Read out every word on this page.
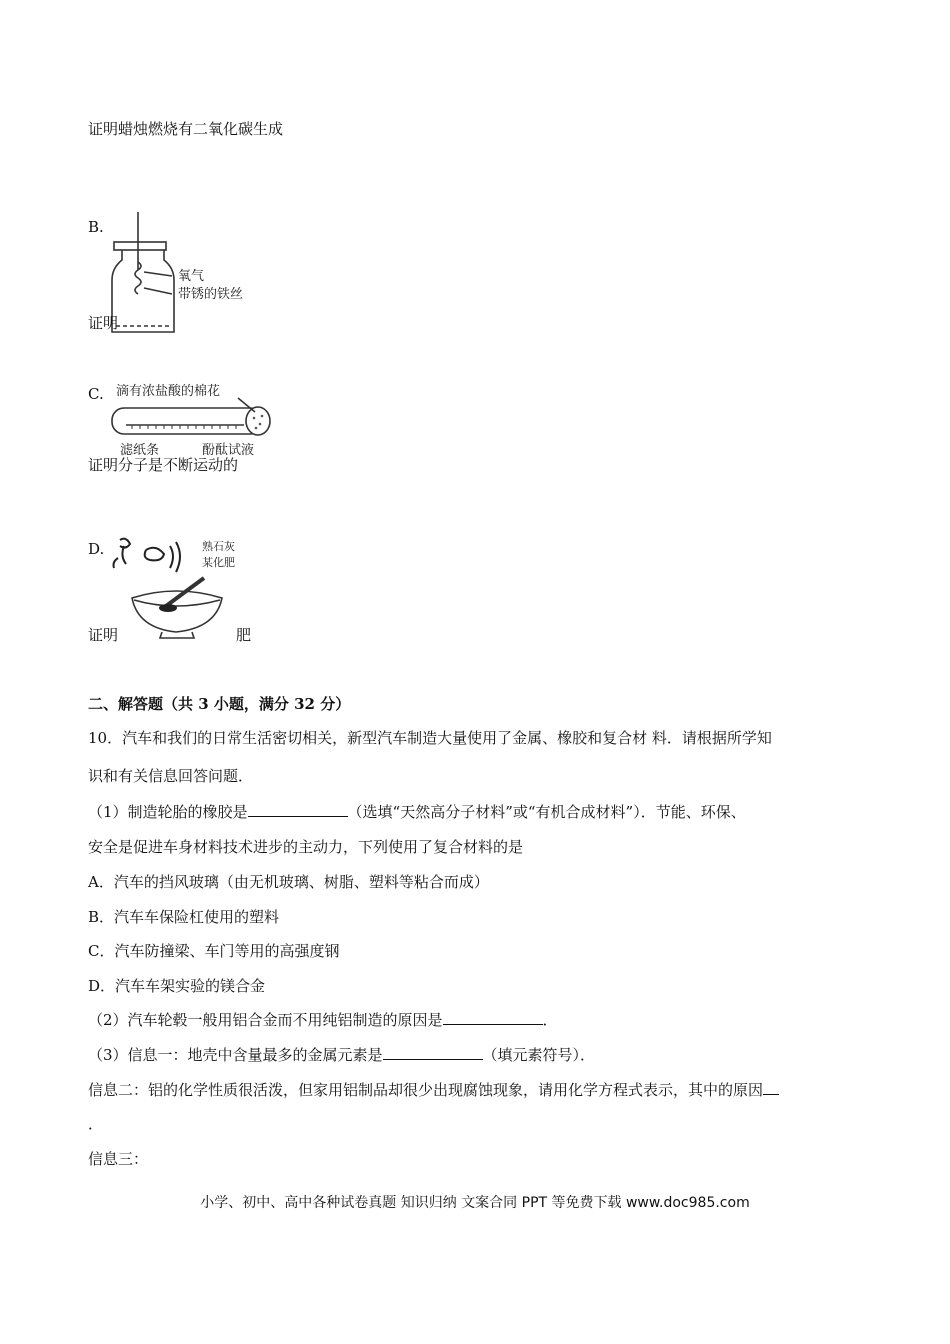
证明蜡烛燃烧有二氧化碳生成
B.
氧气
带锈的铁丝
证明
C. 滴有浓盐酸的棉花
滤纸条	酚酞试液
证明分子是不断运动的
D.	熟石灰
某化肥
证明	肥
二、解答题（共 3 小题，满分 32 分）
10．汽车和我们的日常生活密切相关，新型汽车制造大量使用了金属、橡胶和复合材 料．请根据所学知
识和有关信息回答问题．
（1）制造轮胎的橡胶是	（选填“天然高分子材料”或“有机合成材料”）．节能、环保、
安全是促进车身材料技术进步的主动力，下列使用了复合材料的是
A．汽车的挡风玻璃（由无机玻璃、树脂、塑料等粘合而成）
B．汽车车保险杠使用的塑料
C．汽车防撞梁、车门等用的高强度钢
D．汽车车架实验的镁合金
（2）汽车轮毂一般用铝合金而不用纯铝制造的原因是	．
（3）信息一：地壳中含量最多的金属元素是	（填元素符号）．
信息二：铝的化学性质很活泼，但家用铝制品却很少出现腐蚀现象，请用化学方程式表示，其中的原因
．
信息三：
小学、初中、高中各种试卷真题 知识归纳 文案合同 PPT 等免费下载 www.doc985.com
